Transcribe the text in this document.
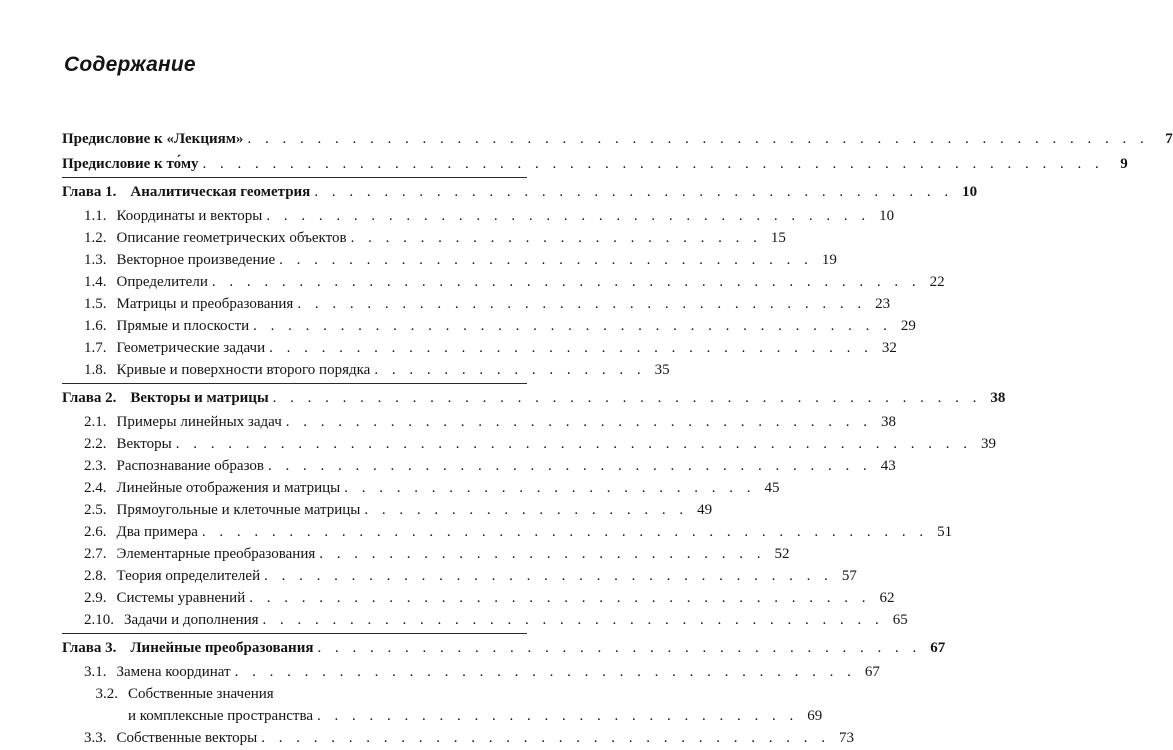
Содержание
Предисловие к «Лекциям» . . . . . . . . . . . . . . . . . . . . . . . . . . . . . . . . . . . . . . . . . . . . . . . . . . . .	7
Предисловие к то́му . . . . . . . . . . . . . . . . . . . . . . . . . . . . . . . . . . . . . . . . . . . . . . . . . . . .	9
Глава 1. Аналитическая геометрия . . . . . . . . . . . . . . . . . . . . . . . . . . . . . . . . . . . . . 10
1.1. Координаты и векторы . . . . . . . . . . . . . . . . . . . . . . . . . . . . . . . . . . . 10
1.2. Описание геометрических объектов . . . . . . . . . . . . . . . . . . . . . . . . 15
1.3. Векторное произведение . . . . . . . . . . . . . . . . . . . . . . . . . . . . . . . 19
1.4. Определители . . . . . . . . . . . . . . . . . . . . . . . . . . . . . . . . . . . . . . . . . 22
1.5. Матрицы и преобразования . . . . . . . . . . . . . . . . . . . . . . . . . . . . . . . . . 23
1.6. Прямые и плоскости . . . . . . . . . . . . . . . . . . . . . . . . . . . . . . . . . . . . . 29
1.7. Геометрические задачи . . . . . . . . . . . . . . . . . . . . . . . . . . . . . . . . . . . 32
1.8. Кривые и поверхности второго порядка . . . . . . . . . . . . . . . . 35
Глава 2. Векторы и матрицы . . . . . . . . . . . . . . . . . . . . . . . . . . . . . . . . . . . . . . . . . 38
2.1. Примеры линейных задач . . . . . . . . . . . . . . . . . . . . . . . . . . . . . . . . . . 38
2.2. Векторы . . . . . . . . . . . . . . . . . . . . . . . . . . . . . . . . . . . . . . . . . . . . . . 39
2.3. Распознавание образов . . . . . . . . . . . . . . . . . . . . . . . . . . . . . . . . . . . 43
2.4. Линейные отображения и матрицы . . . . . . . . . . . . . . . . . . . . . . . . 45
2.5. Прямоугольные и клеточные матрицы . . . . . . . . . . . . . . . . . . . 49
2.6. Два примера . . . . . . . . . . . . . . . . . . . . . . . . . . . . . . . . . . . . . . . . . . 51
2.7. Элементарные преобразования . . . . . . . . . . . . . . . . . . . . . . . . . . 52
2.8. Теория определителей . . . . . . . . . . . . . . . . . . . . . . . . . . . . . . . . . 57
2.9. Системы уравнений . . . . . . . . . . . . . . . . . . . . . . . . . . . . . . . . . . . . 62
2.10. Задачи и дополнения . . . . . . . . . . . . . . . . . . . . . . . . . . . . . . . . . . . . 65
Глава 3. Линейные преобразования . . . . . . . . . . . . . . . . . . . . . . . . . . . . . . . . . . . 67
3.1. Замена координат . . . . . . . . . . . . . . . . . . . . . . . . . . . . . . . . . . . . 67
3.2. Собственные значения
и комплексные пространства . . . . . . . . . . . . . . . . . . . . . . . . . . . . 69
3.3. Собственные векторы . . . . . . . . . . . . . . . . . . . . . . . . . . . . . . . . . 73
